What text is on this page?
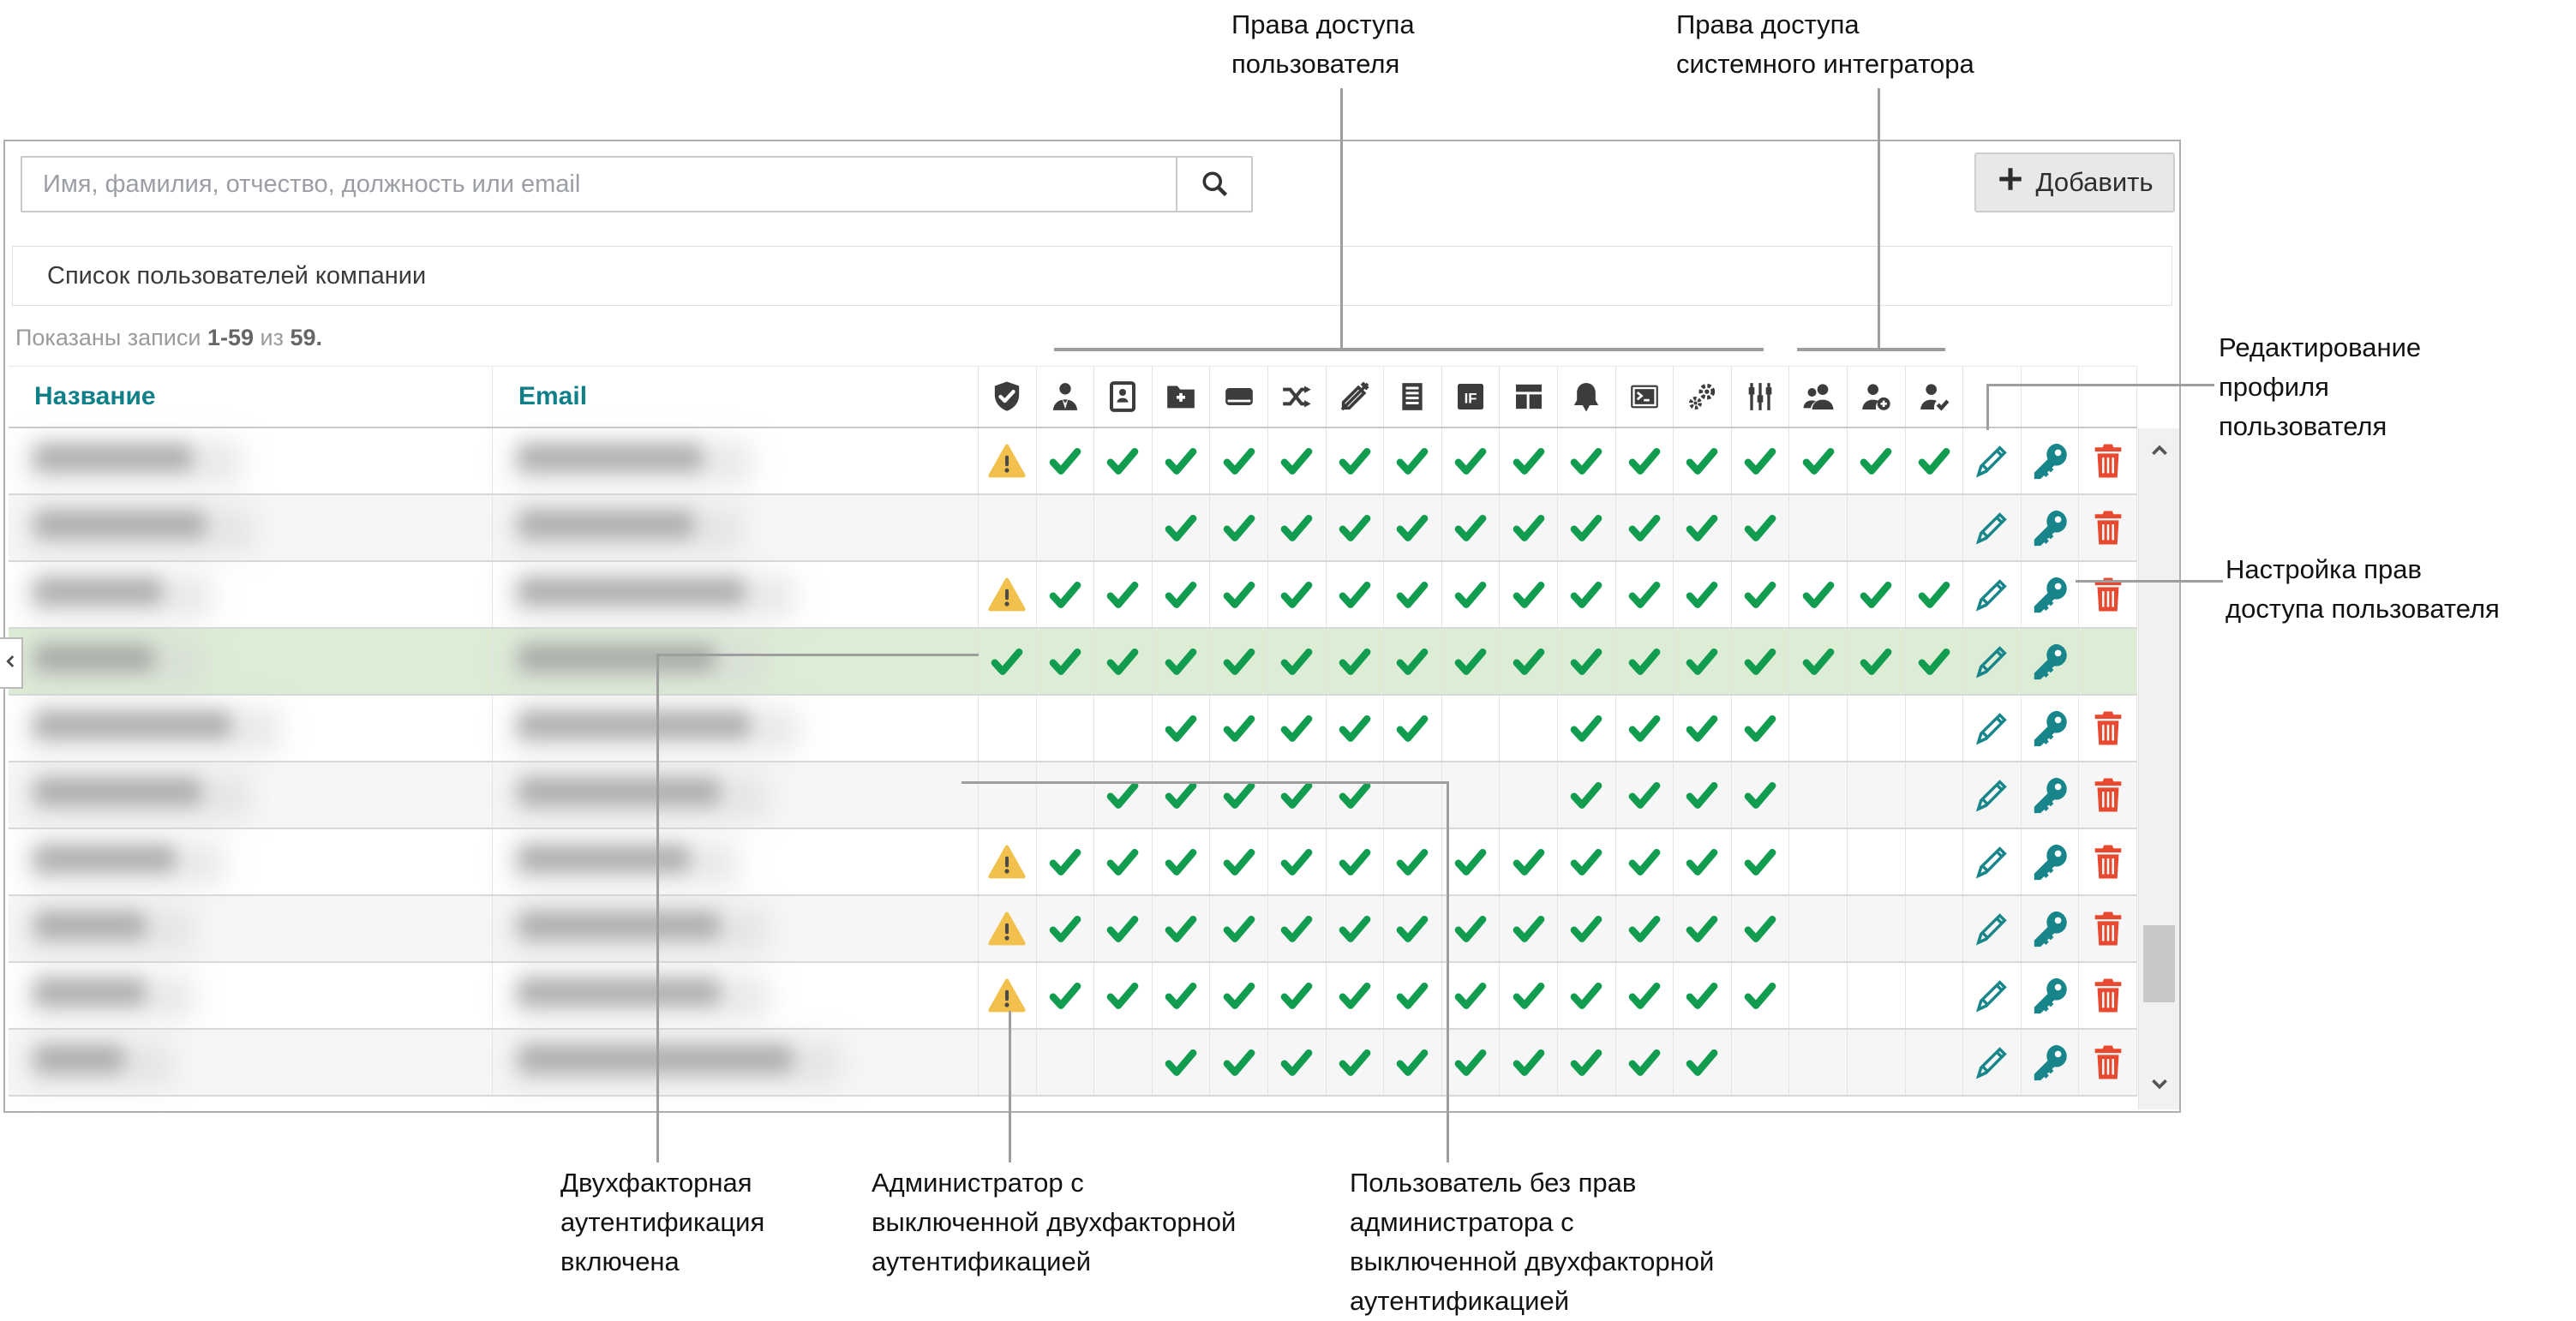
Имя, фамилия, отчество, должность или email
Добавить
Список пользователей компании
Показаны записи 1-59 из 59.
Название	Email	IF
Права доступа
пользователя
Права доступа
системного интегратора
Редактирование
профиля
пользователя
Настройка прав
доступа пользователя
Двухфакторная
аутентификация
включена
Администратор с
выключенной двухфакторной
аутентификацией
Пользователь без прав
администратора с
выключенной двухфакторной
аутентификацией
